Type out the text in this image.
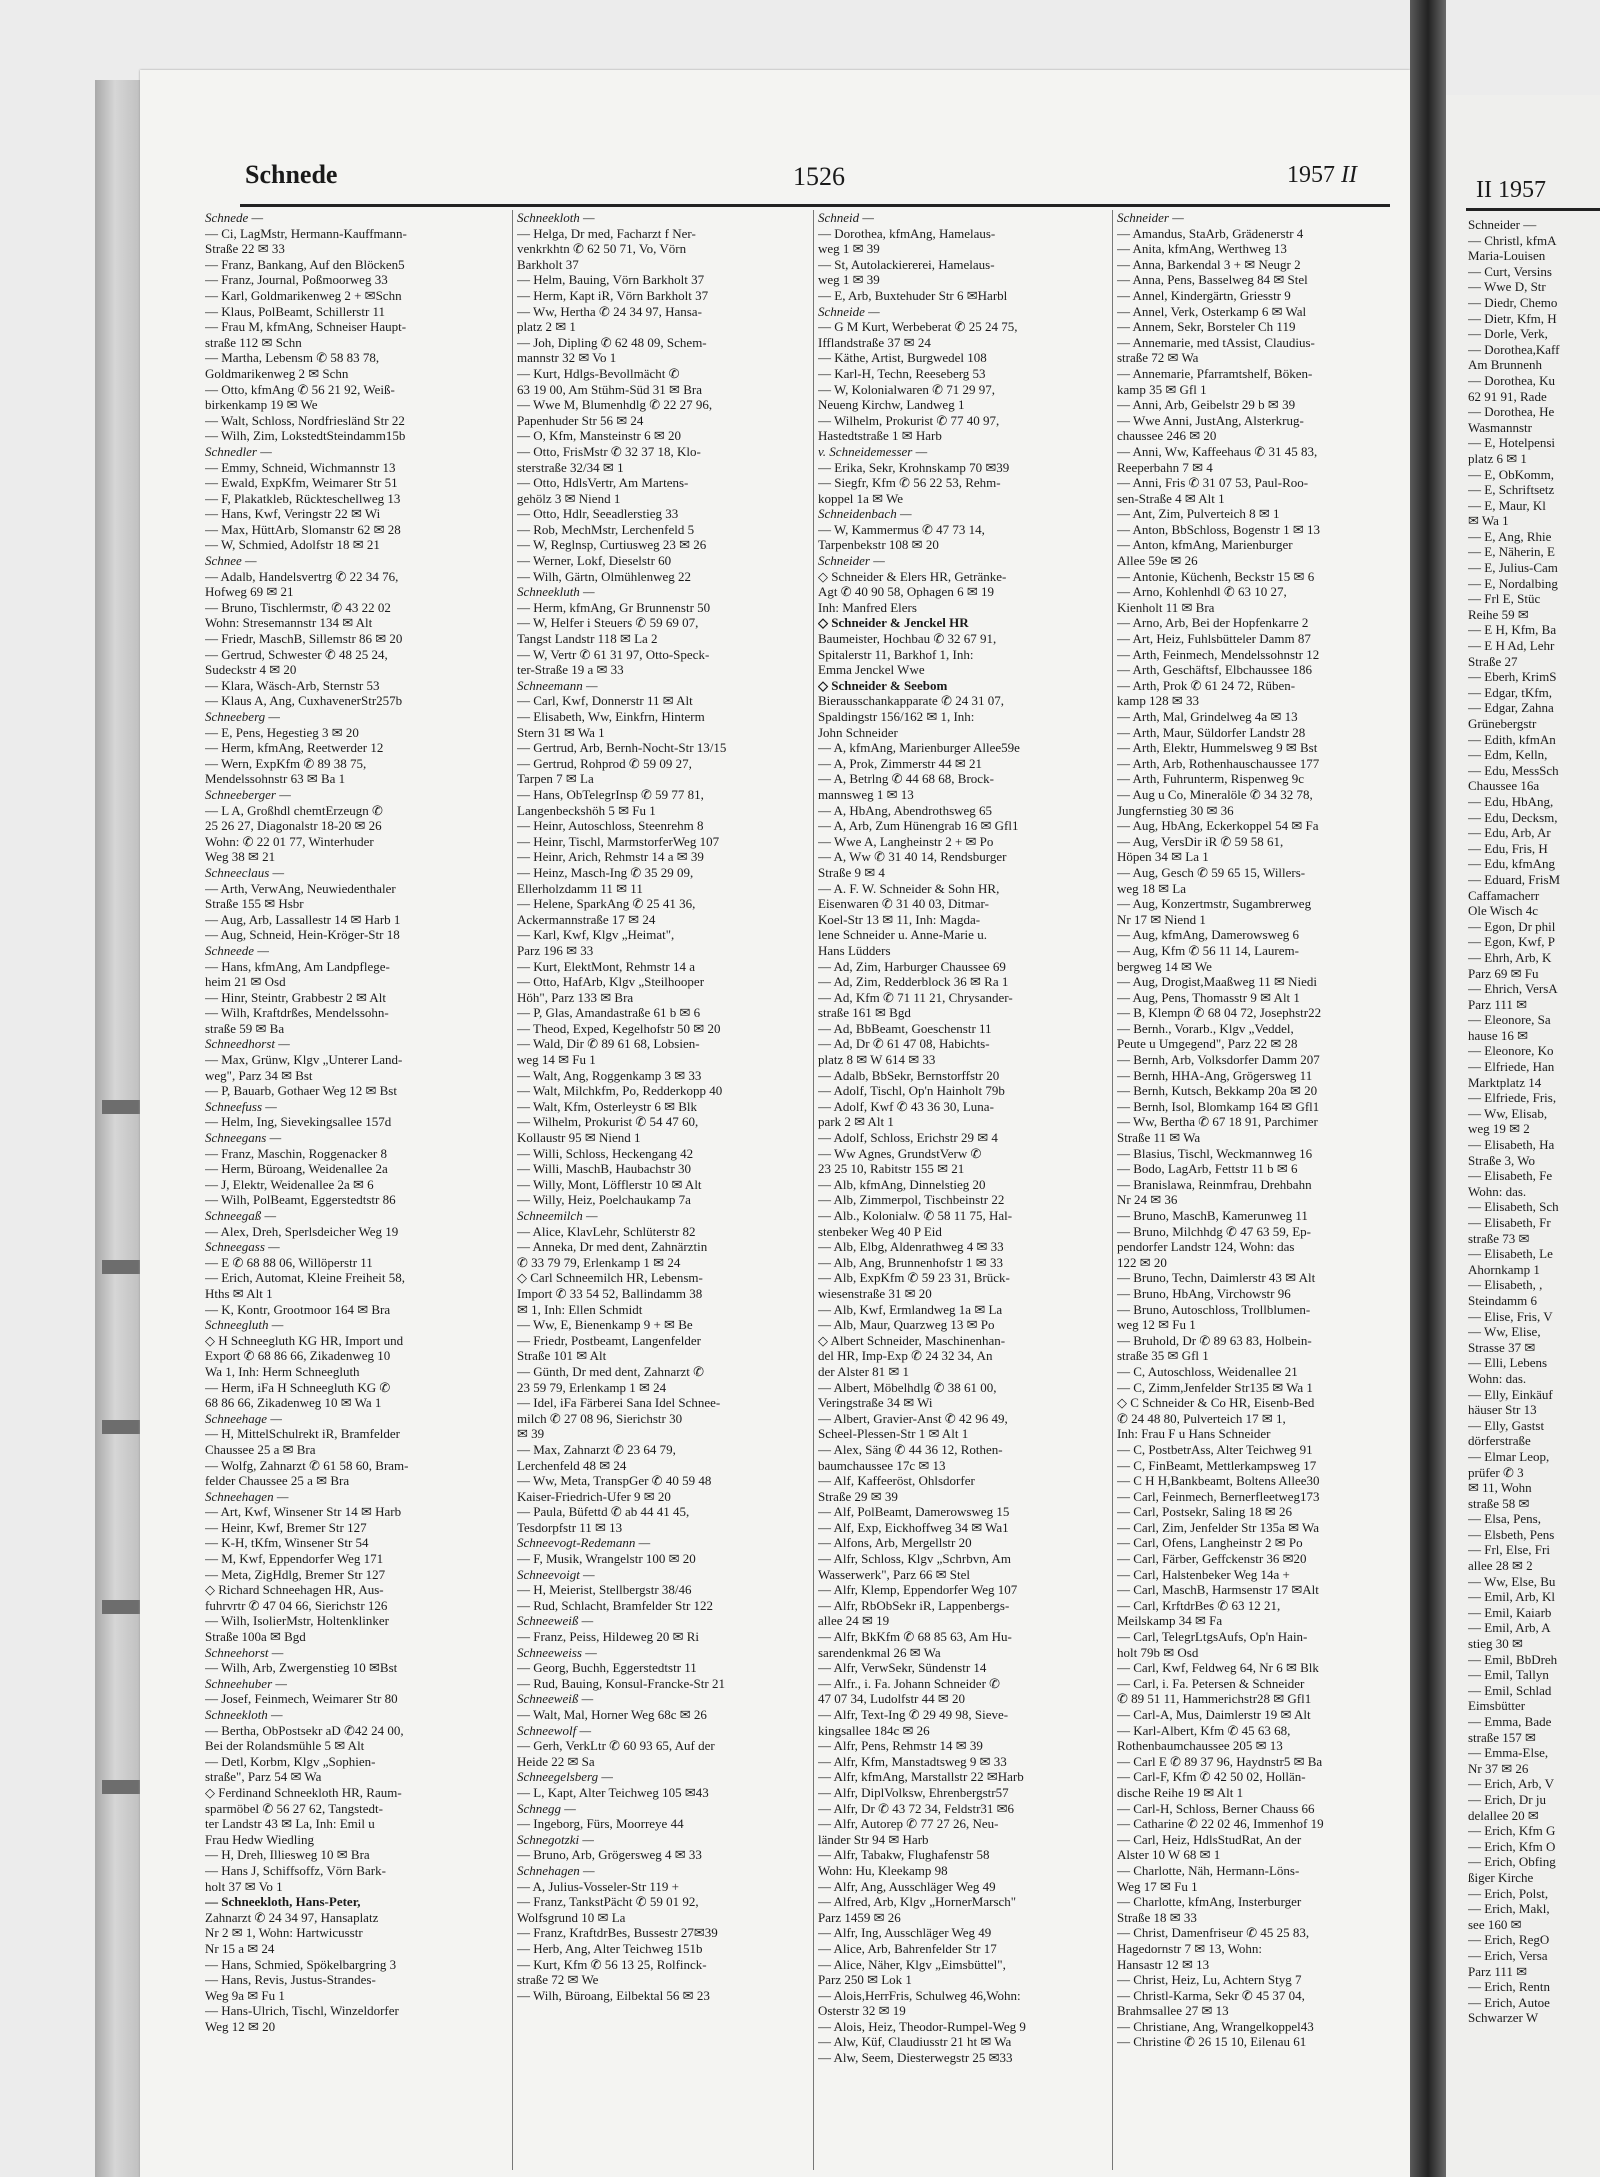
Schnede	1526	1957 II
Schnede —
— Ci, LagMstr, Hermann-Kauffmann-
Straße 22 ✉ 33
— Franz, Bankang, Auf den Blöcken5
— Franz, Journal, Poßmoorweg 33
— Karl, Goldmarikenweg 2 + ✉Schn
— Klaus, PolBeamt, Schillerstr 11
— Frau M, kfmAng, Schneiser Haupt-
straße 112 ✉ Schn
— Martha, Lebensm ✆ 58 83 78,
Goldmarikenweg 2 ✉ Schn
— Otto, kfmAng ✆ 56 21 92, Weiß-
birkenkamp 19 ✉ We
— Walt, Schloss, Nordfriesländ Str 22
— Wilh, Zim, LokstedtSteindamm15b
Schnedler —
— Emmy, Schneid, Wichmannstr 13
— Ewald, ExpKfm, Weimarer Str 51
— F, Plakatkleb, Rückteschellweg 13
— Hans, Kwf, Veringstr 22 ✉ Wi
— Max, HüttArb, Slomanstr 62 ✉ 28
— W, Schmied, Adolfstr 18 ✉ 21
Schnee —
— Adalb, Handelsvertrg ✆ 22 34 76,
Hofweg 69 ✉ 21
— Bruno, Tischlermstr, ✆ 43 22 02
Wohn: Stresemannstr 134 ✉ Alt
— Friedr, MaschB, Sillemstr 86 ✉ 20
— Gertrud, Schwester ✆ 48 25 24,
Sudeckstr 4 ✉ 20
— Klara, Wäsch-Arb, Sternstr 53
— Klaus A, Ang, CuxhavenerStr257b
Schneeberg —
— E, Pens, Hegestieg 3 ✉ 20
— Herm, kfmAng, Reetwerder 12
— Wern, ExpKfm ✆ 89 38 75,
Mendelssohnstr 63 ✉ Ba 1
Schneeberger —
— L A, Großhdl chemtErzeugn ✆
25 26 27, Diagonalstr 18-20 ✉ 26
Wohn: ✆ 22 01 77, Winterhuder
Weg 38 ✉ 21
Schneeclaus —
— Arth, VerwAng, Neuwiedenthaler
Straße 155 ✉ Hsbr
— Aug, Arb, Lassallestr 14 ✉ Harb 1
— Aug, Schneid, Hein-Kröger-Str 18
Schneede —
— Hans, kfmAng, Am Landpflege-
heim 21 ✉ Osd
— Hinr, Steintr, Grabbestr 2 ✉ Alt
— Wilh, Kraftdrßes, Mendelssohn-
straße 59 ✉ Ba
Schneedhorst —
— Max, Grünw, Klgv „Unterer Land-
weg", Parz 34 ✉ Bst
— P, Bauarb, Gothaer Weg 12 ✉ Bst
Schneefuss —
— Helm, Ing, Sievekingsallee 157d
Schneegans —
— Franz, Maschin, Roggenacker 8
— Herm, Büroang, Weidenallee 2a
— J, Elektr, Weidenallee 2a ✉ 6
— Wilh, PolBeamt, Eggerstedtstr 86
Schneegaß —
— Alex, Dreh, Sperlsdeicher Weg 19
Schneegass —
— E ✆ 68 88 06, Willöperstr 11
— Erich, Automat, Kleine Freiheit 58,
Hths ✉ Alt 1
— K, Kontr, Grootmoor 164 ✉ Bra
Schneegluth —
◇ H Schneegluth KG HR, Import und
Export ✆ 68 86 66, Zikadenweg 10
Wa 1, Inh: Herm Schneegluth
— Herm, iFa H Schneegluth KG ✆
68 86 66, Zikadenweg 10 ✉ Wa 1
Schneehage —
— H, MittelSchulrekt iR, Bramfelder
Chaussee 25 a ✉ Bra
— Wolfg, Zahnarzt ✆ 61 58 60, Bram-
felder Chaussee 25 a ✉ Bra
Schneehagen —
— Art, Kwf, Winsener Str 14 ✉ Harb
— Heinr, Kwf, Bremer Str 127
— K-H, tKfm, Winsener Str 54
— M, Kwf, Eppendorfer Weg 171
— Meta, ZigHdlg, Bremer Str 127
◇ Richard Schneehagen HR, Aus-
fuhrvrtr ✆ 47 04 66, Sierichstr 126
— Wilh, IsolierMstr, Holtenklinker
Straße 100a ✉ Bgd
Schneehorst —
— Wilh, Arb, Zwergenstieg 10 ✉Bst
Schneehuber —
— Josef, Feinmech, Weimarer Str 80
Schneekloth —
— Bertha, ObPostsekr aD ✆42 24 00,
Bei der Rolandsmühle 5 ✉ Alt
— Detl, Korbm, Klgv „Sophien-
straße", Parz 54 ✉ Wa
◇ Ferdinand Schneekloth HR, Raum-
sparmöbel ✆ 56 27 62, Tangstedt-
ter Landstr 43 ✉ La, Inh: Emil u
Frau Hedw Wiedling
— H, Dreh, Illiesweg 10 ✉ Bra
— Hans J, Schiffsoffz, Vörn Bark-
holt 37 ✉ Vo 1
— Schneekloth, Hans-Peter,
Zahnarzt ✆ 24 34 97, Hansaplatz
Nr 2 ✉ 1, Wohn: Hartwicusstr
Nr 15 a ✉ 24
— Hans, Schmied, Spökelbargring 3
— Hans, Revis, Justus-Strandes-
Weg 9a ✉ Fu 1
— Hans-Ulrich, Tischl, Winzeldorfer
Weg 12 ✉ 20
Schneekloth —
— Helga, Dr med, Facharzt f Ner-
venkrkhtn ✆ 62 50 71, Vo, Vörn
Barkholt 37
— Helm, Bauing, Vörn Barkholt 37
— Herm, Kapt iR, Vörn Barkholt 37
— Ww, Hertha ✆ 24 34 97, Hansa-
platz 2 ✉ 1
— Joh, Dipling ✆ 62 48 09, Schem-
mannstr 32 ✉ Vo 1
— Kurt, Hdlgs-Bevollmächt ✆
63 19 00, Am Stühm-Süd 31 ✉ Bra
— Wwe M, Blumenhdlg ✆ 22 27 96,
Papenhuder Str 56 ✉ 24
— O, Kfm, Mansteinstr 6 ✉ 20
— Otto, FrisMstr ✆ 32 37 18, Klo-
sterstraße 32/34 ✉ 1
— Otto, HdlsVertr, Am Martens-
gehölz 3 ✉ Niend 1
— Otto, Hdlr, Seeadlerstieg 33
— Rob, MechMstr, Lerchenfeld 5
— W, Reglnsp, Curtiusweg 23 ✉ 26
— Werner, Lokf, Dieselstr 60
— Wilh, Gärtn, Olmühlenweg 22
Schneekluth —
— Herm, kfmAng, Gr Brunnenstr 50
— W, Helfer i Steuers ✆ 59 69 07,
Tangst Landstr 118 ✉ La 2
— W, Vertr ✆ 61 31 97, Otto-Speck-
ter-Straße 19 a ✉ 33
Schneemann —
— Carl, Kwf, Donnerstr 11 ✉ Alt
— Elisabeth, Ww, Einkfrn, Hinterm
Stern 31 ✉ Wa 1
— Gertrud, Arb, Bernh-Nocht-Str 13/15
— Gertrud, Rohprod ✆ 59 09 27,
Tarpen 7 ✉ La
— Hans, ObTelegrInsp ✆ 59 77 81,
Langenbeckshöh 5 ✉ Fu 1
— Heinr, Autoschloss, Steenrehm 8
— Heinr, Tischl, MarmstorferWeg 107
— Heinr, Arich, Rehmstr 14 a ✉ 39
— Heinz, Masch-Ing ✆ 35 29 09,
Ellerholzdamm 11 ✉ 11
— Helene, SparkAng ✆ 25 41 36,
Ackermannstraße 17 ✉ 24
— Karl, Kwf, Klgv „Heimat",
Parz 196 ✉ 33
— Kurt, ElektMont, Rehmstr 14 a
— Otto, HafArb, Klgv „Steilhooper
Höh", Parz 133 ✉ Bra
— P, Glas, Amandastraße 61 b ✉ 6
— Theod, Exped, Kegelhofstr 50 ✉ 20
— Wald, Dir ✆ 89 61 68, Lobsien-
weg 14 ✉ Fu 1
— Walt, Ang, Roggenkamp 3 ✉ 33
— Walt, Milchkfm, Po, Redderkopp 40
— Walt, Kfm, Osterleystr 6 ✉ Blk
— Wilhelm, Prokurist ✆ 54 47 60,
Kollaustr 95 ✉ Niend 1
— Willi, Schloss, Heckengang 42
— Willi, MaschB, Haubachstr 30
— Willy, Mont, Löfflerstr 10 ✉ Alt
— Willy, Heiz, Poelchaukamp 7a
Schneemilch —
— Alice, KlavLehr, Schlüterstr 82
— Anneka, Dr med dent, Zahnärztin
✆ 33 79 79, Erlenkamp 1 ✉ 24
◇ Carl Schneemilch HR, Lebensm-
Import ✆ 33 54 52, Ballindamm 38
✉ 1, Inh: Ellen Schmidt
— Ww, E, Bienenkamp 9 + ✉ Be
— Friedr, Postbeamt, Langenfelder
Straße 101 ✉ Alt
— Günth, Dr med dent, Zahnarzt ✆
23 59 79, Erlenkamp 1 ✉ 24
— Idel, iFa Färberei Sana Idel Schnee-
milch ✆ 27 08 96, Sierichstr 30
✉ 39
— Max, Zahnarzt ✆ 23 64 79,
Lerchenfeld 48 ✉ 24
— Ww, Meta, TranspGer ✆ 40 59 48
Kaiser-Friedrich-Ufer 9 ✉ 20
— Paula, Büfettd ✆ ab 44 41 45,
Tesdorpfstr 11 ✉ 13
Schneevogt-Redemann —
— F, Musik, Wrangelstr 100 ✉ 20
Schneevoigt —
— H, Meierist, Stellbergstr 38/46
— Rud, Schlacht, Bramfelder Str 122
Schneeweiß —
— Franz, Peiss, Hildeweg 20 ✉ Ri
Schneeweiss —
— Georg, Buchh, Eggerstedtstr 11
— Rud, Bauing, Konsul-Francke-Str 21
Schneeweiß —
— Walt, Mal, Horner Weg 68c ✉ 26
Schneewolf —
— Gerh, VerkLtr ✆ 60 93 65, Auf der
Heide 22 ✉ Sa
Schneegelsberg —
— L, Kapt, Alter Teichweg 105 ✉43
Schnegg —
— Ingeborg, Fürs, Moorreye 44
Schnegotzki —
— Bruno, Arb, Grögersweg 4 ✉ 33
Schnehagen —
— A, Julius-Vosseler-Str 119 +
— Franz, TankstPächt ✆ 59 01 92,
Wolfsgrund 10 ✉ La
— Franz, KraftdrBes, Bussestr 27✉39
— Herb, Ang, Alter Teichweg 151b
— Kurt, Kfm ✆ 56 13 25, Rolfinck-
straße 72 ✉ We
— Wilh, Büroang, Eilbektal 56 ✉ 23
Schneid —
— Dorothea, kfmAng, Hamelaus-
weg 1 ✉ 39
— St, Autolackiererei, Hamelaus-
weg 1 ✉ 39
— E, Arb, Buxtehuder Str 6 ✉Harbl
Schneide —
— G M Kurt, Werbeberat ✆ 25 24 75,
Ifflandstraße 37 ✉ 24
— Käthe, Artist, Burgwedel 108
— Karl-H, Techn, Reeseberg 53
— W, Kolonialwaren ✆ 71 29 97,
Neueng Kirchw, Landweg 1
— Wilhelm, Prokurist ✆ 77 40 97,
Hastedtstraße 1 ✉ Harb
v. Schneidemesser —
— Erika, Sekr, Krohnskamp 70 ✉39
— Siegfr, Kfm ✆ 56 22 53, Rehm-
koppel 1a ✉ We
Schneidenbach —
— W, Kammermus ✆ 47 73 14,
Tarpenbekstr 108 ✉ 20
Schneider —
◇ Schneider & Elers HR, Getränke-
Agt ✆ 40 90 58, Ophagen 6 ✉ 19
Inh: Manfred Elers
◇ Schneider & Jenckel HR
Baumeister, Hochbau ✆ 32 67 91,
Spitalerstr 11, Barkhof 1, Inh:
Emma Jenckel Wwe
◇ Schneider & Seebom
Bierausschankapparate ✆ 24 31 07,
Spaldingstr 156/162 ✉ 1, Inh:
John Schneider
— A, kfmAng, Marienburger Allee59e
— A, Prok, Zimmerstr 44 ✉ 21
— A, Betrlng ✆ 44 68 68, Brock-
mannsweg 1 ✉ 13
— A, HbAng, Abendrothsweg 65
— A, Arb, Zum Hünengrab 16 ✉ Gfl1
— Wwe A, Langheinstr 2 + ✉ Po
— A, Ww ✆ 31 40 14, Rendsburger
Straße 9 ✉ 4
— A. F. W. Schneider & Sohn HR,
Eisenwaren ✆ 31 40 03, Ditmar-
Koel-Str 13 ✉ 11, Inh: Magda-
lene Schneider u. Anne-Marie u.
Hans Lüdders
— Ad, Zim, Harburger Chaussee 69
— Ad, Zim, Redderblock 36 ✉ Ra 1
— Ad, Kfm ✆ 71 11 21, Chrysander-
straße 161 ✉ Bgd
— Ad, BbBeamt, Goeschenstr 11
— Ad, Dr ✆ 61 47 08, Habichts-
platz 8 ✉ W 614 ✉ 33
— Adalb, BbSekr, Bernstorffstr 20
— Adolf, Tischl, Op'n Hainholt 79b
— Adolf, Kwf ✆ 43 36 30, Luna-
park 2 ✉ Alt 1
— Adolf, Schloss, Erichstr 29 ✉ 4
— Ww Agnes, GrundstVerw ✆
23 25 10, Rabitstr 155 ✉ 21
— Alb, kfmAng, Dinnelstieg 20
— Alb, Zimmerpol, Tischbeinstr 22
— Alb., Kolonialw. ✆ 58 11 75, Hal-
stenbeker Weg 40 P Eid
— Alb, Elbg, Aldenrathweg 4 ✉ 33
— Alb, Ang, Brunnenhofstr 1 ✉ 33
— Alb, ExpKfm ✆ 59 23 31, Brück-
wiesenstraße 31 ✉ 20
— Alb, Kwf, Ermlandweg 1a ✉ La
— Alb, Maur, Quarzweg 13 ✉ Po
◇ Albert Schneider, Maschinenhan-
del HR, Imp-Exp ✆ 24 32 34, An
der Alster 81 ✉ 1
— Albert, Möbelhdlg ✆ 38 61 00,
Veringstraße 34 ✉ Wi
— Albert, Gravier-Anst ✆ 42 96 49,
Scheel-Plessen-Str 1 ✉ Alt 1
— Alex, Säng ✆ 44 36 12, Rothen-
baumchaussee 17c ✉ 13
— Alf, Kaffeeröst, Ohlsdorfer
Straße 29 ✉ 39
— Alf, PolBeamt, Damerowsweg 15
— Alf, Exp, Eickhoffweg 34 ✉ Wa1
— Alfons, Arb, Mergellstr 20
— Alfr, Schloss, Klgv „Schrbvn, Am
Wasserwerk", Parz 66 ✉ Stel
— Alfr, Klemp, Eppendorfer Weg 107
— Alfr, RbObSekr iR, Lappenbergs-
allee 24 ✉ 19
— Alfr, BkKfm ✆ 68 85 63, Am Hu-
sarendenkmal 26 ✉ Wa
— Alfr, VerwSekr, Sündenstr 14
— Alfr., i. Fa. Johann Schneider ✆
47 07 34, Ludolfstr 44 ✉ 20
— Alfr, Text-Ing ✆ 29 49 98, Sieve-
kingsallee 184c ✉ 26
— Alfr, Pens, Rehmstr 14 ✉ 39
— Alfr, Kfm, Manstadtsweg 9 ✉ 33
— Alfr, kfmAng, Marstallstr 22 ✉Harb
— Alfr, DiplVolksw, Ehrenbergstr57
— Alfr, Dr ✆ 43 72 34, Feldstr31 ✉6
— Alfr, Autorep ✆ 77 27 26, Neu-
länder Str 94 ✉ Harb
— Alfr, Tabakw, Flughafenstr 58
Wohn: Hu, Kleekamp 98
— Alfr, Ang, Ausschläger Weg 49
— Alfred, Arb, Klgv „HornerMarsch"
Parz 1459 ✉ 26
— Alfr, Ing, Ausschläger Weg 49
— Alice, Arb, Bahrenfelder Str 17
— Alice, Näher, Klgv „Eimsbüttel",
Parz 250 ✉ Lok 1
— Alois,HerrFris, Schulweg 46,Wohn:
Osterstr 32 ✉ 19
— Alois, Heiz, Theodor-Rumpel-Weg 9
— Alw, Küf, Claudiusstr 21 ht ✉ Wa
— Alw, Seem, Diesterwegstr 25 ✉33
Schneider —
— Amandus, StaArb, Grädenerstr 4
— Anita, kfmAng, Werthweg 13
— Anna, Barkendal 3 + ✉ Neugr 2
— Anna, Pens, Basselweg 84 ✉ Stel
— Annel, Kindergärtn, Griesstr 9
— Annel, Verk, Osterkamp 6 ✉ Wal
— Annem, Sekr, Borsteler Ch 119
— Annemarie, med tAssist, Claudius-
straße 72 ✉ Wa
— Annemarie, Pfarramtshelf, Böken-
kamp 35 ✉ Gfl 1
— Anni, Arb, Geibelstr 29 b ✉ 39
— Wwe Anni, JustAng, Alsterkrug-
chaussee 246 ✉ 20
— Anni, Ww, Kaffeehaus ✆ 31 45 83,
Reeperbahn 7 ✉ 4
— Anni, Fris ✆ 31 07 53, Paul-Roo-
sen-Straße 4 ✉ Alt 1
— Ant, Zim, Pulverteich 8 ✉ 1
— Anton, BbSchloss, Bogenstr 1 ✉ 13
— Anton, kfmAng, Marienburger
Allee 59e ✉ 26
— Antonie, Küchenh, Beckstr 15 ✉ 6
— Arno, Kohlenhdl ✆ 63 10 27,
Kienholt 11 ✉ Bra
— Arno, Arb, Bei der Hopfenkarre 2
— Art, Heiz, Fuhlsbütteler Damm 87
— Arth, Feinmech, Mendelssohnstr 12
— Arth, Geschäftsf, Elbchaussee 186
— Arth, Prok ✆ 61 24 72, Rüben-
kamp 128 ✉ 33
— Arth, Mal, Grindelweg 4a ✉ 13
— Arth, Maur, Süldorfer Landstr 28
— Arth, Elektr, Hummelsweg 9 ✉ Bst
— Arth, Arb, Rothenhauschaussee 177
— Arth, Fuhrunterm, Rispenweg 9c
— Aug u Co, Mineralöle ✆ 34 32 78,
Jungfernstieg 30 ✉ 36
— Aug, HbAng, Eckerkoppel 54 ✉ Fa
— Aug, VersDir iR ✆ 59 58 61,
Höpen 34 ✉ La 1
— Aug, Gesch ✆ 59 65 15, Willers-
weg 18 ✉ La
— Aug, Konzertmstr, Sugambrerweg
Nr 17 ✉ Niend 1
— Aug, kfmAng, Damerowsweg 6
— Aug, Kfm ✆ 56 11 14, Laurem-
bergweg 14 ✉ We
— Aug, Drogist,Maaßweg 11 ✉ Niedi
— Aug, Pens, Thomasstr 9 ✉ Alt 1
— B, Klempn ✆ 68 04 72, Josephstr22
— Bernh., Vorarb., Klgv „Veddel,
Peute u Umgegend", Parz 22 ✉ 28
— Bernh, Arb, Volksdorfer Damm 207
— Bernh, HHA-Ang, Grögersweg 11
— Bernh, Kutsch, Bekkamp 20a ✉ 20
— Bernh, Isol, Blomkamp 164 ✉ Gfl1
— Ww, Bertha ✆ 67 18 91, Parchimer
Straße 11 ✉ Wa
— Blasius, Tischl, Weckmannweg 16
— Bodo, LagArb, Fettstr 11 b ✉ 6
— Branislawa, Reinmfrau, Drehbahn
Nr 24 ✉ 36
— Bruno, MaschB, Kamerunweg 11
— Bruno, Milchhdg ✆ 47 63 59, Ep-
pendorfer Landstr 124, Wohn: das
122 ✉ 20
— Bruno, Techn, Daimlerstr 43 ✉ Alt
— Bruno, HbAng, Virchowstr 96
— Bruno, Autoschloss, Trollblumen-
weg 12 ✉ Fu 1
— Bruhold, Dr ✆ 89 63 83, Holbein-
straße 35 ✉ Gfl 1
— C, Autoschloss, Weidenallee 21
— C, Zimm,Jenfelder Str135 ✉ Wa 1
◇ C Schneider & Co HR, Eisenb-Bed
✆ 24 48 80, Pulverteich 17 ✉ 1,
Inh: Frau F u Hans Schneider
— C, PostbetrAss, Alter Teichweg 91
— C, FinBeamt, Mettlerkampsweg 17
— C H H,Bankbeamt, Boltens Allee30
— Carl, Feinmech, Bernerfleetweg173
— Carl, Postsekr, Saling 18 ✉ 26
— Carl, Zim, Jenfelder Str 135a ✉ Wa
— Carl, Ofens, Langheinstr 2 ✉ Po
— Carl, Färber, Geffckenstr 36 ✉20
— Carl, Halstenbeker Weg 14a +
— Carl, MaschB, Harmsenstr 17 ✉Alt
— Carl, KrftdrBes ✆ 63 12 21,
Meilskamp 34 ✉ Fa
— Carl, TelegrLtgsAufs, Op'n Hain-
holt 79b ✉ Osd
— Carl, Kwf, Feldweg 64, Nr 6 ✉ Blk
— Carl, i. Fa. Petersen & Schneider
✆ 89 51 11, Hammerichstr28 ✉ Gfl1
— Carl-A, Mus, Daimlerstr 19 ✉ Alt
— Karl-Albert, Kfm ✆ 45 63 68,
Rothenbaumchaussee 205 ✉ 13
— Carl E ✆ 89 37 96, Haydnstr5 ✉ Ba
— Carl-F, Kfm ✆ 42 50 02, Hollän-
dische Reihe 19 ✉ Alt 1
— Carl-H, Schloss, Berner Chauss 66
— Catharine ✆ 22 02 46, Immenhof 19
— Carl, Heiz, HdlsStudRat, An der
Alster 10 W 68 ✉ 1
— Charlotte, Näh, Hermann-Löns-
Weg 17 ✉ Fu 1
— Charlotte, kfmAng, Insterburger
Straße 18 ✉ 33
— Christ, Damenfriseur ✆ 45 25 83,
Hagedornstr 7 ✉ 13, Wohn:
Hansastr 12 ✉ 13
— Christ, Heiz, Lu, Achtern Styg 7
— Christl-Karma, Sekr ✆ 45 37 04,
Brahmsallee 27 ✉ 13
— Christiane, Ang, Wrangelkoppel43
— Christine ✆ 26 15 10, Eilenau 61
II 1957
Schneider —
— Christl, kfmA
Maria-Louisen
— Curt, Versins
— Wwe D, Str
— Diedr, Chemo
— Dietr, Kfm, H
— Dorle, Verk,
— Dorothea,Kaff
Am Brunnenh
— Dorothea, Ku
62 91 91, Rade
— Dorothea, He
Wasmannstr
— E, Hotelpensi
platz 6 ✉ 1
— E, ObKomm,
— E, Schriftsetz
— E, Maur, Kl
✉ Wa 1
— E, Ang, Rhie
— E, Näherin, E
— E, Julius-Cam
— E, Nordalbing
— Frl E, Stüc
Reihe 59 ✉
— E H, Kfm, Ba
— E H Ad, Lehr
Straße 27
— Eberh, KrimS
— Edgar, tKfm,
— Edgar, Zahna
Grünebergstr
— Edith, kfmAn
— Edm, Kelln,
— Edu, MessSch
Chaussee 16a
— Edu, HbAng,
— Edu, Decksm,
— Edu, Arb, Ar
— Edu, Fris, H
— Edu, kfmAng
— Eduard, FrisM
Caffamacherr
Ole Wisch 4c
— Egon, Dr phil
— Egon, Kwf, P
— Ehrh, Arb, K
Parz 69 ✉ Fu
— Ehrich, VersA
Parz 111 ✉
— Eleonore, Sa
hause 16 ✉
— Eleonore, Ko
— Elfriede, Han
Marktplatz 14
— Elfriede, Fris,
— Ww, Elisab,
weg 19 ✉ 2
— Elisabeth, Ha
Straße 3, Wo
— Elisabeth, Fe
Wohn: das.
— Elisabeth, Sch
— Elisabeth, Fr
straße 73 ✉
— Elisabeth, Le
Ahornkamp 1
— Elisabeth, ,
Steindamm 6
— Elise, Fris, V
— Ww, Elise,
Strasse 37 ✉
— Elli, Lebens
Wohn: das.
— Elly, Einkäuf
häuser Str 13
— Elly, Gastst
dörferstraße
— Elmar Leop,
prüfer ✆ 3
✉ 11, Wohn
straße 58 ✉
— Elsa, Pens,
— Elsbeth, Pens
— Frl, Else, Fri
allee 28 ✉ 2
— Ww, Else, Bu
— Emil, Arb, Kl
— Emil, Kaiarb
— Emil, Arb, A
stieg 30 ✉
— Emil, BbDreh
— Emil, Tallyn
— Emil, Schlad
Eimsbütter
— Emma, Bade
straße 157 ✉
— Emma-Else,
Nr 37 ✉ 26
— Erich, Arb, V
— Erich, Dr ju
delallee 20 ✉
— Erich, Kfm G
— Erich, Kfm O
— Erich, Obfing
ßiger Kirche
— Erich, Polst,
— Erich, Makl,
see 160 ✉
— Erich, RegO
— Erich, Versa
Parz 111 ✉
— Erich, Rentn
— Erich, Autoe
Schwarzer W
